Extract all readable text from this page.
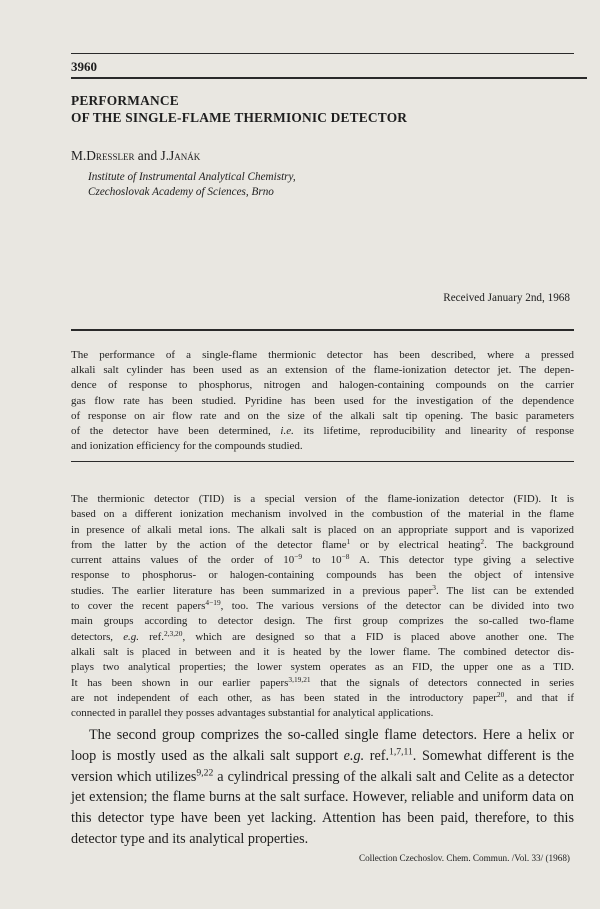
3960
PERFORMANCE
OF THE SINGLE-FLAME THERMIONIC DETECTOR
M.Dressler and J.Janák
Institute of Instrumental Analytical Chemistry,
Czechoslovak Academy of Sciences, Brno
Received January 2nd, 1968
The performance of a single-flame thermionic detector has been described, where a pressed
alkali salt cylinder has been used as an extension of the flame-ionization detector jet. The depen-
dence of response to phosphorus, nitrogen and halogen-containing compounds on the carrier
gas flow rate has been studied. Pyridine has been used for the investigation of the dependence
of response on air flow rate and on the size of the alkali salt tip opening. The basic parameters
of the detector have been determined, i.e. its lifetime, reproducibility and linearity of response
and ionization efficiency for the compounds studied.
The thermionic detector (TID) is a special version of the flame-ionization detector (FID). It is
based on a different ionization mechanism involved in the combustion of the material in the flame
in presence of alkali metal ions. The alkali salt is placed on an appropriate support and is vaporized
from the latter by the action of the detector flame$^1$ or by electrical heating$^2$. The background
current attains values of the order of $10^{-9}$ to $10^{-8}$ A. This detector type giving a selective
response to phosphorus- or halogen-containing compounds has been the object of intensive
studies. The earlier literature has been summarized in a previous paper$^3$. The list can be extended
to cover the recent papers$^{4-19}$, too. The various versions of the detector can be divided into two
main groups according to detector design. The first group comprizes the so-called two-flame
detectors, e.g. ref.$^{2,3,20}$, which are designed so that a FID is placed above another one. The
alkali salt is placed in between and it is heated by the lower flame. The combined detector dis-
plays two analytical properties; the lower system operates as an FID, the upper one as a TID.
It has been shown in our earlier papers$^{3,19,21}$ that the signals of detectors connected in series
are not independent of each other, as has been stated in the introductory paper$^{20}$, and that if
connected in parallel they posses advantages substantial for analytical applications.
The second group comprizes the so-called single flame detectors. Here a helix or loop is mostly used as the alkali salt support e.g. ref.$^{1,7,11}$. Somewhat different is the version which utilizes$^{9,22}$ a cylindrical pressing of the alkali salt and Celite as a detector jet extension; the flame burns at the salt surface. However, reliable and uniform data on this detector type have been yet lacking. Attention has been paid, therefore, to this detector type and its analytical properties.
Collection Czechoslov. Chem. Commun. /Vol. 33/ (1968)
